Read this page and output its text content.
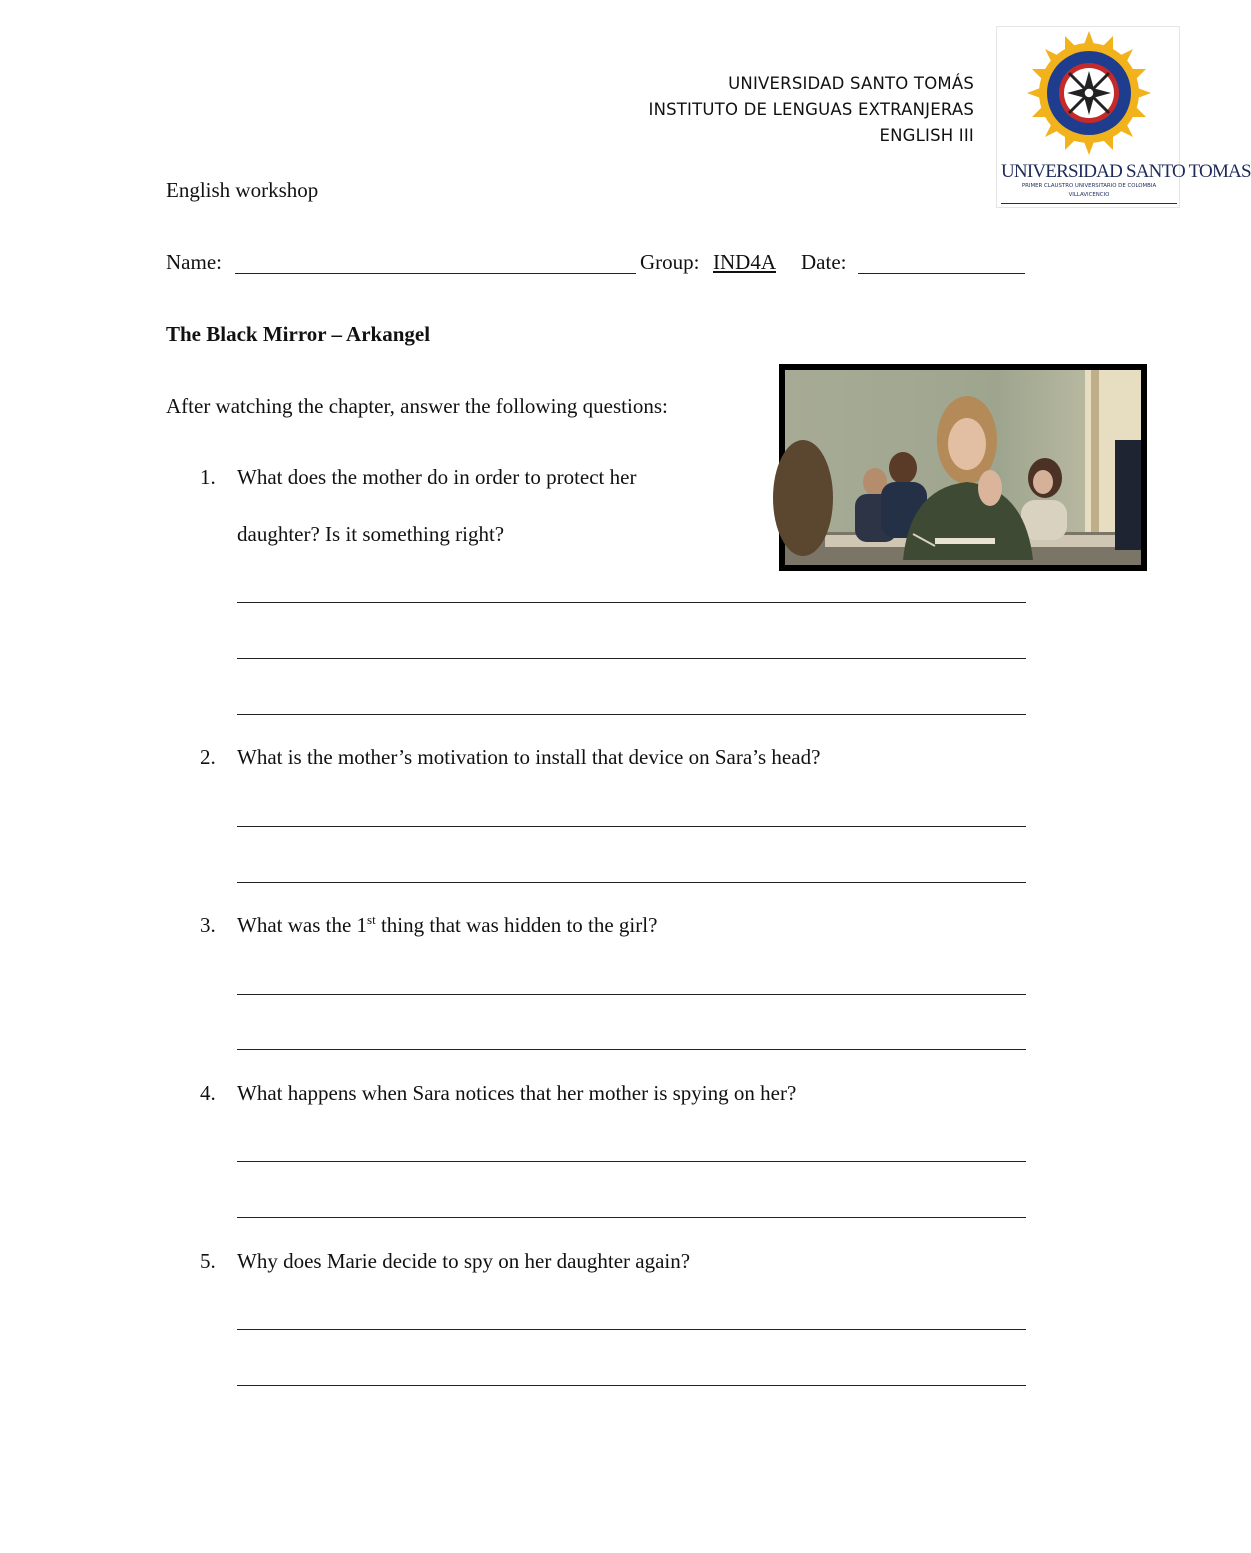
UNIVERSIDAD SANTO TOMÁS
INSTITUTO DE LENGUAS EXTRANJERAS
ENGLISH III
UNIVERSIDAD SANTO TOMAS
PRIMER CLAUSTRO UNIVERSITARIO DE COLOMBIA
VILLAVICENCIO
English workshop
Name:	Group: IND4A Date:
The Black Mirror – Arkangel
After watching the chapter, answer the following questions:
1. What does the mother do in order to protect her
daughter? Is it something right?
2. What is the mother’s motivation to install that device on Sara’s head?
3. What was the 1st thing that was hidden to the girl?
4. What happens when Sara notices that her mother is spying on her?
5. Why does Marie decide to spy on her daughter again?
